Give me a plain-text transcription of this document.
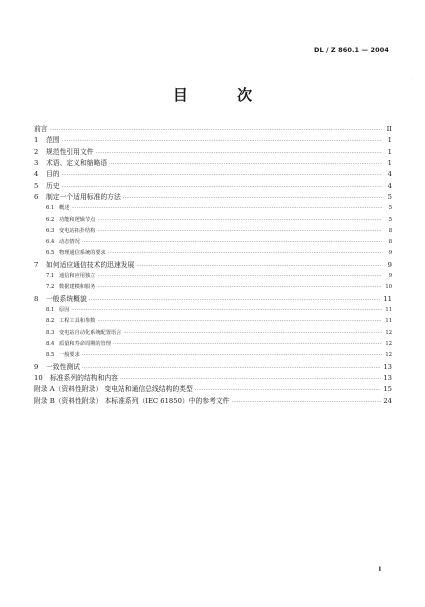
DL / Z 860.1 — 2004
·
目 次
前言 ·····	II
1	范围 ·····	1
2	规范性引用文件 ·····	1
3	术语、定义和缩略语 ·····	1
4	目的 ·····	4
5	历史 ·····	4
6	制定一个适用标准的方法 ·····	5
6.1 概述 ·····	5
6.2 功能和逻辑节点 ·····	5
6.3 变电站拓扑结构 ·····	8
6.4 动态情况 ·····	8
6.5 物理通信系统的要求 ·····	9
7	如何适应通信技术的迅速发展 ·····	9
7.1 通信和应用独立 ·····	9
7.2 数据建模和服务 ·····	10
8	一般系统概貌 ·····	11
8.1 原因 ·····	11
8.2 工程工具和参数 ·····	11
8.3 变电站自动化系统配置语言 ·····	12
8.4 质量和寿命周期的管理 ·····	12
8.5 一般要求 ·····	12
9	一致性测试 ·····	13
10	标准系列的结构和内容 ·····	13
附录 A（资料性附录） 变电站和通信总线结构的类型 ·····	15
附录 B（资料性附录） 本标准系列（IEC 61850）中的参考文件 ·····	24
I
